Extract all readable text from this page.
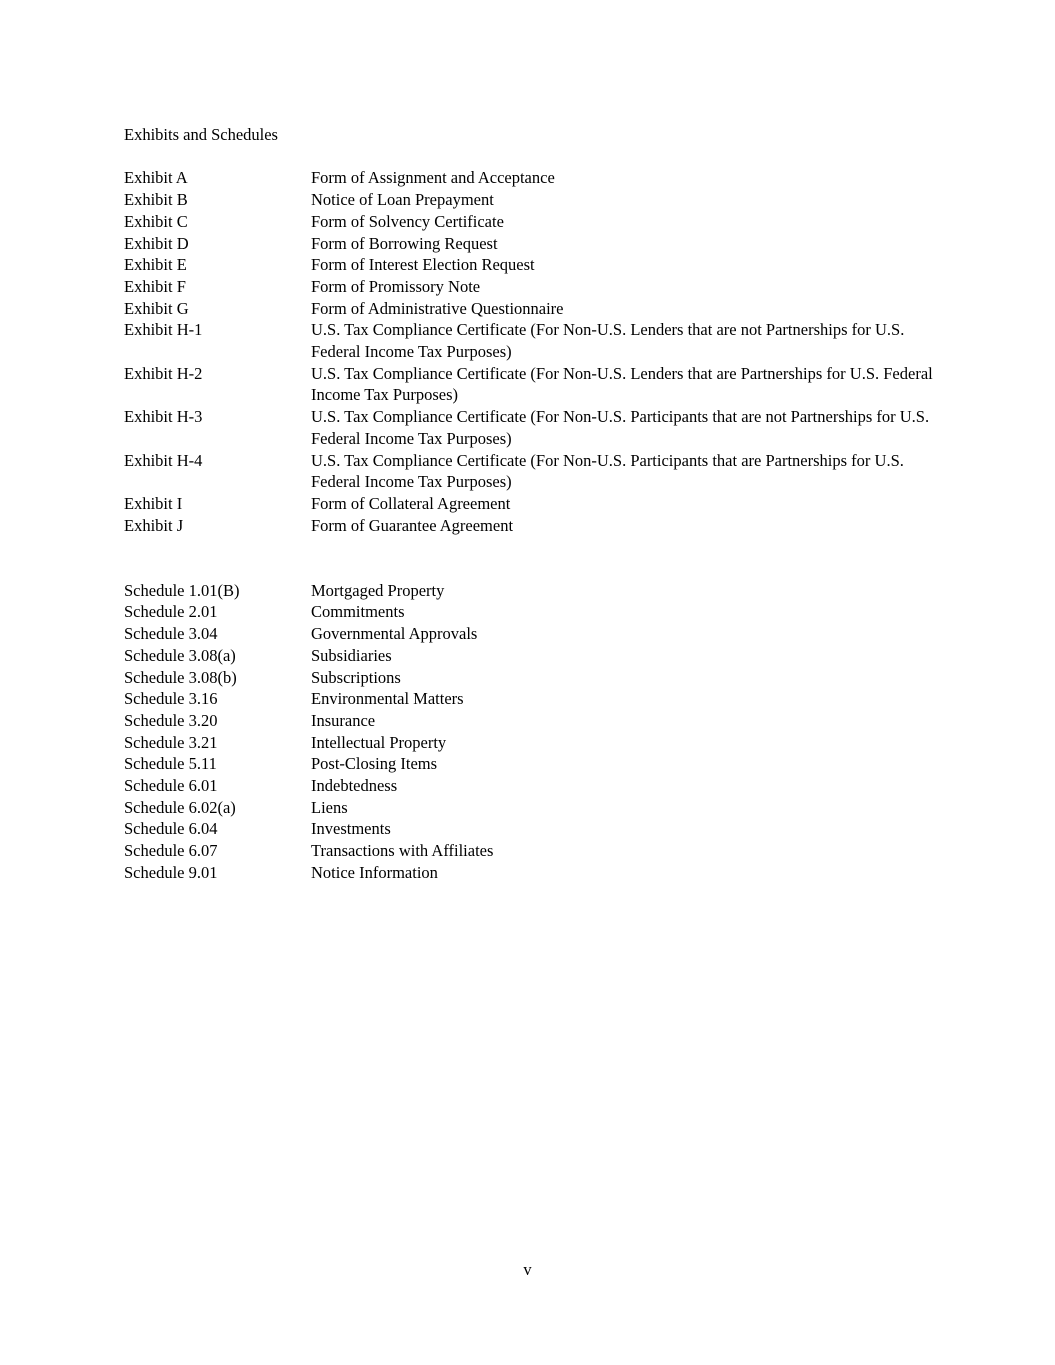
Exhibits and Schedules
Exhibit A	Form of Assignment and Acceptance
Exhibit B	Notice of Loan Prepayment
Exhibit C	Form of Solvency Certificate
Exhibit D	Form of Borrowing Request
Exhibit E	Form of Interest Election Request
Exhibit F	Form of Promissory Note
Exhibit G	Form of Administrative Questionnaire
Exhibit H-1	U.S. Tax Compliance Certificate (For Non-U.S. Lenders that are not Partnerships for U.S. Federal Income Tax Purposes)
Exhibit H-2	U.S. Tax Compliance Certificate (For Non-U.S. Lenders that are Partnerships for U.S. Federal Income Tax Purposes)
Exhibit H-3	U.S. Tax Compliance Certificate (For Non-U.S. Participants that are not Partnerships for U.S. Federal Income Tax Purposes)
Exhibit H-4	U.S. Tax Compliance Certificate (For Non-U.S. Participants that are Partnerships for U.S. Federal Income Tax Purposes)
Exhibit I	Form of Collateral Agreement
Exhibit J	Form of Guarantee Agreement
Schedule 1.01(B)	Mortgaged Property
Schedule 2.01	Commitments
Schedule 3.04	Governmental Approvals
Schedule 3.08(a)	Subsidiaries
Schedule 3.08(b)	Subscriptions
Schedule 3.16	Environmental Matters
Schedule 3.20	Insurance
Schedule 3.21	Intellectual Property
Schedule 5.11	Post-Closing Items
Schedule 6.01	Indebtedness
Schedule 6.02(a)	Liens
Schedule 6.04	Investments
Schedule 6.07	Transactions with Affiliates
Schedule 9.01	Notice Information
v
